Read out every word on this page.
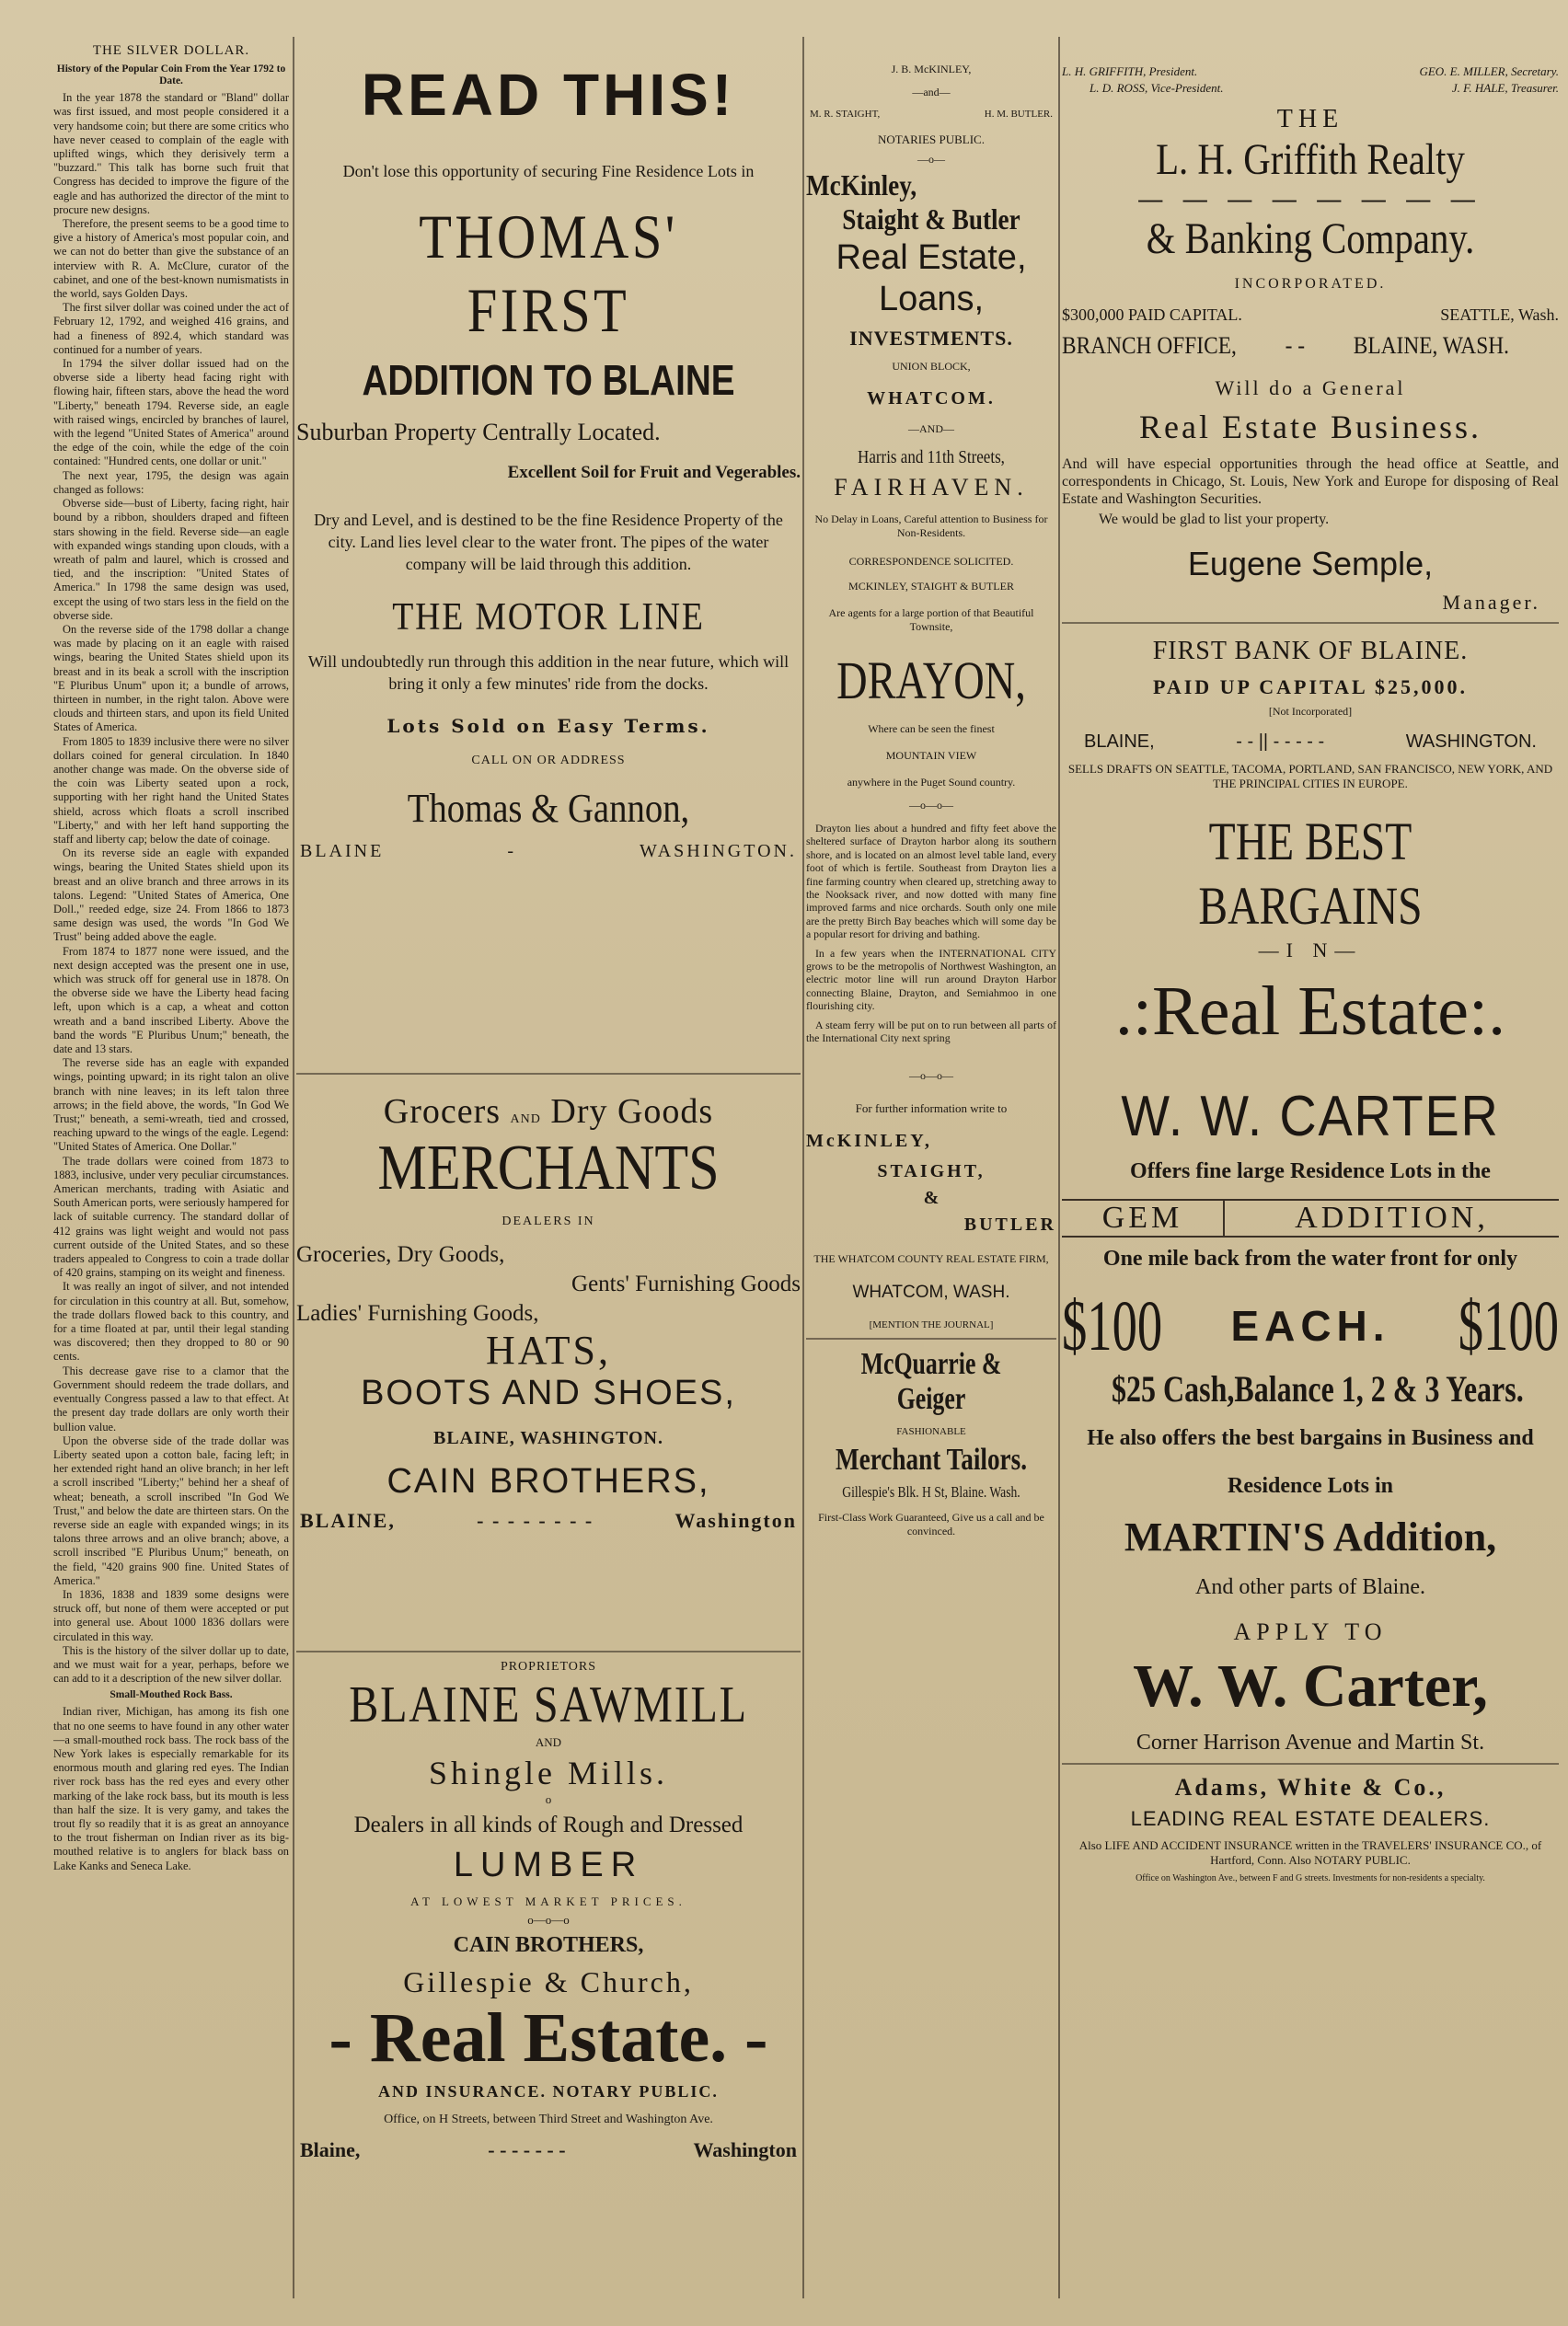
THE SILVER DOLLAR.
History of the Popular Coin From the Year 1792 to Date.

In the year 1878 the standard or "Bland" dollar was first issued, and most people considered it a very handsome coin; but there are some critics who have never ceased to complain of the eagle with uplifted wings, which they derisively term a "buzzard." This talk has borne such fruit that Congress has decided to improve the figure of the eagle and has authorized the director of the mint to procure new designs.

Therefore, the present seems to be a good time to give a history of America's most popular coin, and we can not do better than give the substance of an interview with R. A. McClure, curator of the cabinet, and one of the best-known numismatists in the world, says Golden Days.

The first silver dollar was coined under the act of February 12, 1792, and weighed 416 grains, and had a fineness of 892.4, which standard was continued for a number of years.

In 1794 the silver dollar issued had on the obverse side a liberty head facing right with flowing hair, fifteen stars, above the head the word "Liberty," beneath 1794. Reverse side, an eagle with raised wings, encircled by branches of laurel, with the legend "United States of America" around the edge of the coin, while the edge of the coin contained: "Hundred cents, one dollar or unit."

The next year, 1795, the design was again changed as follows:

Obverse side—bust of Liberty, facing right, hair bound by a ribbon, shoulders draped and fifteen stars showing in the field. Reverse side—an eagle with expanded wings standing upon clouds, with a wreath of palm and laurel, which is crossed and tied, and the inscription: "United States of America." In 1798 the same design was used, except the using of two stars less in the field on the obverse side.

On the reverse side of the 1798 dollar a change was made by placing on it an eagle with raised wings, bearing the United States shield upon its breast and in its beak a scroll with the inscription "E Pluribus Unum" upon it; a bundle of arrows, thirteen in number, in the right talon. Above were clouds and thirteen stars, and upon its field United States of America.

From 1805 to 1839 inclusive there were no silver dollars coined for general circulation. In 1840 another change was made. On the obverse side of the coin was Liberty seated upon a rock, supporting with her right hand the United States shield, across which floats a scroll inscribed "Liberty," and with her left hand supporting the staff and liberty cap; below the date of coinage.

On its reverse side an eagle with expanded wings, bearing the United States shield upon its breast and an olive branch and three arrows in its talons. Legend: "United States of America, One Doll.," reeded edge, size 24. From 1866 to 1873 same design was used, the words "In God We Trust" being added above the eagle.

From 1874 to 1877 none were issued, and the next design accepted was the present one in use, which was struck off for general use in 1878. On the obverse side we have the Liberty head facing left, upon which is a cap, a wheat and cotton wreath and a band inscribed Liberty. Above the band the words "E Pluribus Unum;" beneath, the date and 13 stars.

The reverse side has an eagle with expanded wings, pointing upward; in its right talon an olive branch with nine leaves; in its left talon three arrows; in the field above, the words, "In God We Trust;" beneath, a semi-wreath, tied and crossed, reaching upward to the wings of the eagle. Legend: "United States of America. One Dollar."

The trade dollars were coined from 1873 to 1883, inclusive, under very peculiar circumstances. American merchants, trading with Asiatic and South American ports, were seriously hampered for lack of suitable currency. The standard dollar of 412 grains was light weight and would not pass current outside of the United States, and so these traders appealed to Congress to coin a trade dollar of 420 grains, stamping on its weight and fineness.

It was really an ingot of silver, and not intended for circulation in this country at all. But, somehow, the trade dollars flowed back to this country, and for a time floated at par, until their legal standing was discovered; then they dropped to 80 or 90 cents.

This decrease gave rise to a clamor that the Government should redeem the trade dollars, and eventually Congress passed a law to that effect. At the present day trade dollars are only worth their bullion value.

Upon the obverse side of the trade dollar was Liberty seated upon a cotton bale, facing left; in her extended right hand an olive branch; in her left a scroll inscribed "Liberty;" behind her a sheaf of wheat; beneath, a scroll inscribed "In God We Trust," and below the date are thirteen stars. On the reverse side an eagle with expanded wings; in its talons three arrows and an olive branch; above, a scroll inscribed "E Pluribus Unum;" beneath, on the field, "420 grains 900 fine. United States of America."

In 1836, 1838 and 1839 some designs were struck off, but none of them were accepted or put into general use. About 1000 1836 dollars were circulated in this way.

This is the history of the silver dollar up to date, and we must wait for a year, perhaps, before we can add to it a description of the new silver dollar.

Small-Mouthed Rock Bass.

Indian river, Michigan, has among its fish one that no one seems to have found in any other water—a small-mouthed rock bass. The rock bass of the New York lakes is especially remarkable for its enormous mouth and glaring red eyes. The Indian river rock bass has the red eyes and every other marking of the lake rock bass, but its mouth is less than half the size. It is very gamy, and takes the trout fly so readily that it is as great an annoyance to the trout fisherman on Indian river as its big-mouthed relative is to anglers for black bass on Lake Kanks and Seneca Lake.

READ THIS!
Don't lose this opportunity of securing Fine Residence Lots in
THOMAS' FIRST
ADDITION TO BLAINE
Suburban Property Centrally Located.
Excellent Soil for Fruit and Vegerables.
Dry and Level, and is destined to be the fine Residence Property of the city. Land lies level clear to the water front. The pipes of the water company will be laid through this addition.
THE MOTOR LINE
Will undoubtedly run through this addition in the near future, which will bring it only a few minutes' ride from the docks.
Lots Sold on Easy Terms.
CALL ON OR ADDRESS
Thomas & Gannon,
BLAINE	-	WASHINGTON.
Grocers AND Dry Goods
MERCHANTS
DEALERS IN
Groceries, Dry Goods,
Gents' Furnishing Goods
Ladies' Furnishing Goods,
HATS,
BOOTS AND SHOES,
BLAINE, WASHINGTON.
CAIN BROTHERS,
BLAINE,	- - - - - - - -	Washington
PROPRIETORS
BLAINE SAWMILL
AND
Shingle Mills.
o
Dealers in all kinds of Rough and Dressed
LUMBER
AT LOWEST MARKET PRICES.
o—o—o
CAIN BROTHERS,
Gillespie & Church,
- Real Estate. -
AND INSURANCE. NOTARY PUBLIC.
Office, on H Streets, between Third Street and Washington Ave.
Blaine,	- - - - - - -	Washington
J. B. McKINLEY,
—and—
M. R. STAIGHT,	H. M. BUTLER.
NOTARIES PUBLIC.
—o—
McKinley,
Staight & Butler
Real Estate,
Loans,
INVESTMENTS.
UNION BLOCK,
WHATCOM.
—AND—
Harris and 11th Streets,
FAIRHAVEN.
No Delay in Loans, Careful attention to Business for Non-Residents.
CORRESPONDENCE SOLICITED.
MCKINLEY, STAIGHT & BUTLER
Are agents for a large portion of that Beautiful Townsite,
DRAYON,
Where can be seen the finest
MOUNTAIN VIEW
anywhere in the Puget Sound country.
—o—o—
Drayton lies about a hundred and fifty feet above the sheltered surface of Drayton harbor along its southern shore, and is located on an almost level table land, every foot of which is fertile. Southeast from Drayton lies a fine farming country when cleared up, stretching away to the Nooksack river, and now dotted with many fine improved farms and nice orchards. South only one mile are the pretty Birch Bay beaches which will some day be a popular resort for driving and bathing.
In a few years when the INTERNATIONAL CITY grows to be the metropolis of Northwest Washington, an electric motor line will run around Drayton Harbor connecting Blaine, Drayton, and Semiahmoo in one flourishing city.
A steam ferry will be put on to run between all parts of the International City next spring
—o—o—
For further information write to
McKINLEY,
STAIGHT,
&
BUTLER
THE WHATCOM COUNTY REAL ESTATE FIRM,
WHATCOM, WASH.
[MENTION THE JOURNAL]
McQuarrie & Geiger
FASHIONABLE
Merchant Tailors.
Gillespie's Blk. H St, Blaine. Wash.
First-Class Work Guaranteed, Give us a call and be convinced.
L. H. GRIFFITH, President.	GEO. E. MILLER, Secretary.
L. D. ROSS, Vice-President.	J. F. HALE, Treasurer.
THE
L. H. Griffith Realty
— — — — — — — —
& Banking Company.
INCORPORATED.
$300,000 PAID CAPITAL.	SEATTLE, Wash.
BRANCH OFFICE, - - BLAINE, WASH.
Will do a General
Real Estate Business.
And will have especial opportunities through the head office at Seattle, and correspondents in Chicago, St. Louis, New York and Europe for disposing of Real Estate and Washington Securities.
We would be glad to list your property.
Eugene Semple,
Manager.
FIRST BANK OF BLAINE.
PAID UP CAPITAL $25,000.
[Not Incorporated]
BLAINE,	- - || - - - - -	WASHINGTON.
SELLS DRAFTS ON SEATTLE, TACOMA, PORTLAND, SAN FRANCISCO, NEW YORK, AND THE PRINCIPAL CITIES IN EUROPE.
THE BEST BARGAINS
—I N—
.:Real Estate:.
W. W. CARTER
Offers fine large Residence Lots in the
GEM	ADDITION,
One mile back from the water front for only
$100 EACH. $100
$25 Cash,Balance 1, 2 & 3 Years.
He also offers the best bargains in Business and Residence Lots in
MARTIN'S Addition,
And other parts of Blaine.
APPLY TO
W. W. Carter,
Corner Harrison Avenue and Martin St.
Adams, White & Co.,
LEADING REAL ESTATE DEALERS.
Also LIFE AND ACCIDENT INSURANCE written in the TRAVELERS' INSURANCE CO., of Hartford, Conn. Also NOTARY PUBLIC.
Office on Washington Ave., between F and G streets. Investments for non-residents a specialty.
